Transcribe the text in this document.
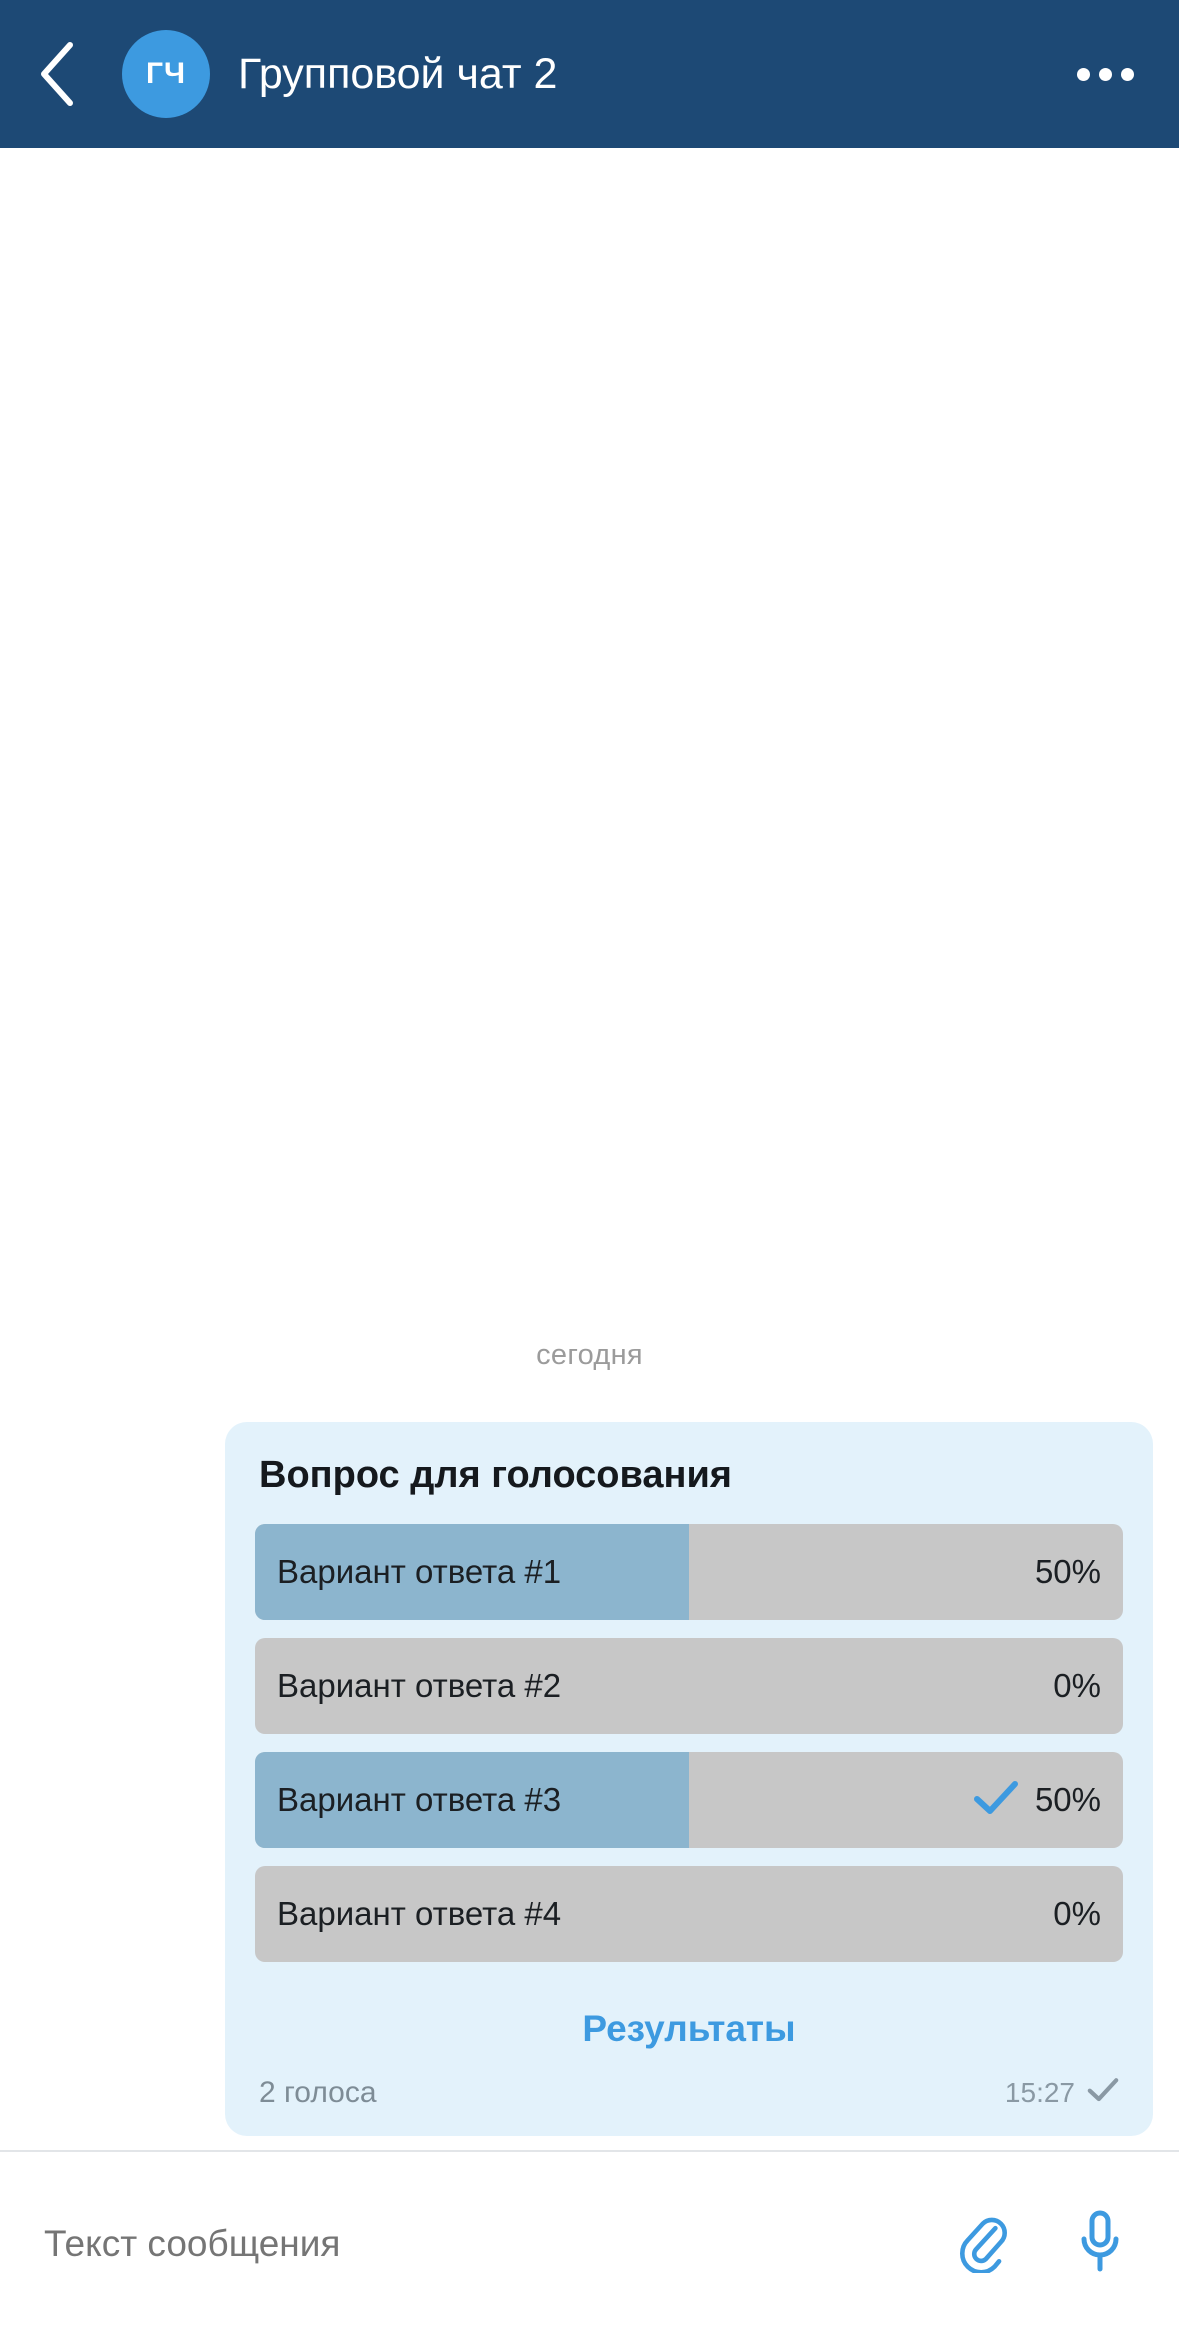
ГЧ Групповой чат 2
сегодня
Вопрос для голосования
Вариант ответа #1	50%
Вариант ответа #2	0%
Вариант ответа #3	50%
Вариант ответа #4	0%
Результаты
2 голоса	15:27
Текст сообщения
